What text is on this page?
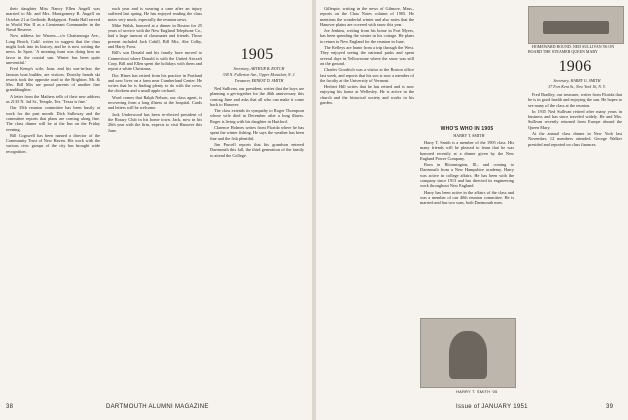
their daughter Miss Nancy Ellen Angell was married to Mr. and Mrs. Montgomery R. Angell on October 21 at Gerlinde, Bridgeport. Fonda Hall served in World War II as a Lieutenant Commander in the Naval Reserve.

Now address for Warren—c/o Chattanooga Ave., Long Beach, Calif. writes to suggest that the class might look into its history, and he is now writing the news. In Sport. 'A morning hunt was doing him no favor in the coastal sun. Winter has been quite uneventful.'

Fred Kemp's wife, Joan, and his son-in-law, the famous boat builder, are visitors. Dorothy hearth ski resorts took the opposite road to the Brighton. Mr. & Mrs. Bill Mix are proud parents of another fine granddaughter.

A letter from the Mathers tells of their new address as 2135 N. 3rd St., Temple, Tex. 'Texas is fine.'

Our 35th reunion committee has been busily at work for the past month. Dick Sulloway and the committee reports that plans are coming along fine. The class dinner will be at the Inn on the Friday evening.

Bill Cogswell has been named a director of the Community Trust of New Haven. His work with the various civic groups of the city has brought wide recognition.

each year and is wearing a cane after an injury suffered last spring. He has enjoyed reading the class notes very much, especially the reunion news.

Mike Walsh, honored at a dinner in Boston for 25 years of service with the New England Telephone Co., had a large turnout of classmates and friends. Those present included Jack Cahill, Bill Mix, Abe Colby, and Harry Frost.

Bill's son Donald and his family have moved to Connecticut where Donald is with the United Aircraft Corp. Bill and Ellen spent the holidays with them and report a white Christmas.

Doc Hines has retired from his practice in Portland and now lives on a farm near Cumberland Center. He writes that he is finding plenty to do with the cows, the chickens and a small apple orchard.

Word comes that Ralph Nelson, our class agent, is recovering from a long illness at the hospital. Cards and letters will be welcome.

Jack Underwood has been re-elected president of the Rotary Club in his home town. Jack, now in his 26th year with the firm, expects to visit Hanover this June.

1905

Secretary, ARTHUR B. ROTCH

338 N. Fullerton Ave., Upper Montclair, N. J.

Treasurer, ERNEST D. SMITH

Ned Sullivan, our president, writes that the boys are planning a get-together for the 46th anniversary this coming June and asks that all who can make it come back to Hanover.

The class extends its sympathy to Roger Thompson whose wife died in December after a long illness. Roger is living with his daughter in Hartford.

Clarence Holmes writes from Florida where he has spent the winter fishing. He says the weather has been fine and the fish plentiful.

Jim Purcell reports that his grandson entered Dartmouth this fall, the third generation of the family to attend the College.

38	DARTMOUTH ALUMNI MAGAZINE

Gillespie, writing in the news of Gilmore, Mass., reports on the Class Notes column of 1905. He mentions the wonderful winter and also notes that the Hanover plains are covered with snow this year.

Joe Jenkins, writing from his home in Fort Myers, has been spending the winter in his cottage. He plans to return to New England for the reunion in June.

The Kelleys are home from a trip through the West. They enjoyed seeing the national parks and spent several days in Yellowstone where the snow was still on the ground.

Charles Goodrich was a visitor at the Boston office last week, and reports that his son is now a member of the faculty at the University of Vermont.

Herbert Hill writes that he has retired and is now enjoying his home at Wellesley. He is active in the church and the historical society and works in his garden.

WHO'S WHO IN 1905

HARRY T. SMITH

Harry T. Smith is a member of the 1905 class. His many friends will be pleased to learn that he was honored recently at a dinner given by the New England Power Company.

Born in Bloomington, Ill., and coming to Dartmouth from a New Hampshire academy, Harry was active in college affairs. He has been with the company since 1913 and has directed its engineering work throughout New England.

Harry has been active in the affairs of the class and was a member of our 40th reunion committee. He is married and has two sons, both Dartmouth men.

HARRY T. SMITH '05

HOMEWARD BOUND: NED SULLIVAN '06 ON BOARD THE STEAMER QUEEN MARY

1906

Secretary, HARRY G. SMITH

37 Fort Kent St., New York 16, N. Y.

Fred Bradley, our treasurer, writes from Florida that he is in good health and enjoying the sun. He hopes to see many of the class at the reunion.

In 1935 Ned Sullivan retired after many years in business and has since traveled widely. He and Mrs. Sullivan recently returned from Europe aboard the Queen Mary.

At the annual class dinner in New York last November, 12 members attended. George Walker presided and reported on class finances.

Issue of JANUARY 1951	39
